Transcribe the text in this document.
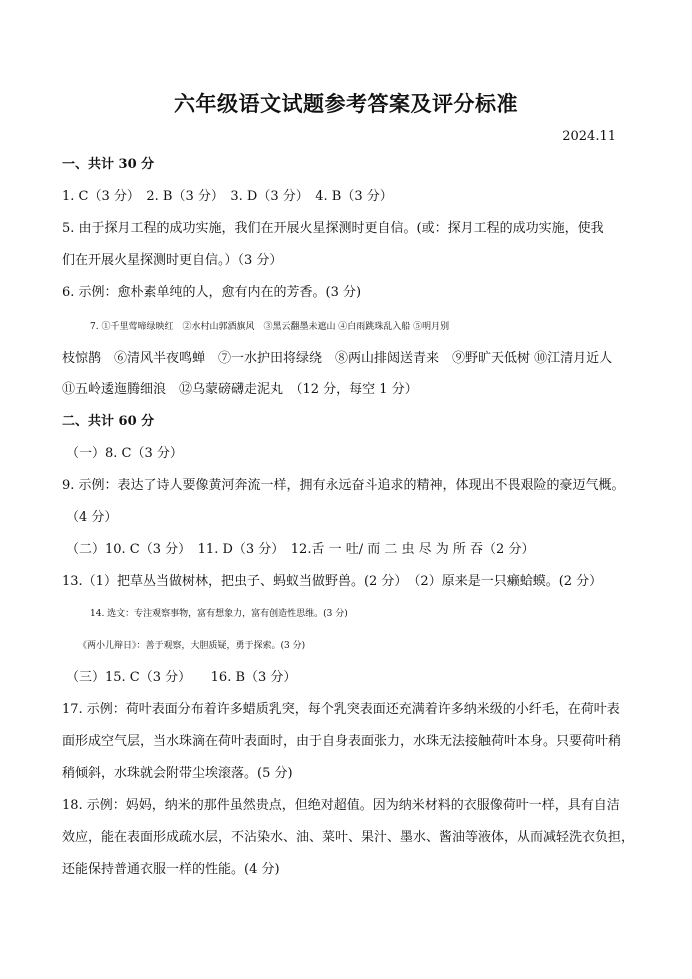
六年级语文试题参考答案及评分标准
2024.11
一、共计 30 分
1. C（3 分）　2. B（3 分）　3. D（3 分）　4. B（3 分）
5. 由于探月工程的成功实施，我们在开展火星探测时更自信。(或：探月工程的成功实施，使我
们在开展火星探测时更自信。）（3 分）
6. 示例：愈朴素单纯的人，愈有内在的芳香。(3 分)
7. ①千里莺啼绿映红　②水村山郭酒旗风　③黑云翻墨未遮山 ④白雨跳珠乱入船 ⑤明月别
枝惊鹊　⑥清风半夜鸣蝉　⑦一水护田将绿绕　⑧两山排闼送青来　⑨野旷天低树 ⑩江清月近人
⑪五岭逶迤腾细浪　⑫乌蒙磅礴走泥丸　（12 分，每空 1 分）
二、共计 60 分
（一）8. C（3 分）
9. 示例：表达了诗人要像黄河奔流一样，拥有永远奋斗追求的精神，体现出不畏艰险的豪迈气概。
（4 分）
（二）10. C（3 分）　11. D（3 分）　12.舌 一 吐/ 而 二 虫 尽 为 所 吞（2 分）
13.（1）把草丛当做树林，把虫子、蚂蚁当做野兽。(2 分）　（2）原来是一只癞蛤蟆。(2 分）
14. 选文：专注观察事物，富有想象力，富有创造性思维。(3 分)
《两小儿辩日》：善于观察，大胆质疑，勇于探索。(3 分)
（三）15. C（3 分）　　16. B（3 分）
17. 示例：荷叶表面分布着许多蜡质乳突，每个乳突表面还充满着许多纳米级的小纤毛，在荷叶表
面形成空气层，当水珠滴在荷叶表面时，由于自身表面张力，水珠无法接触荷叶本身。只要荷叶稍
稍倾斜，水珠就会附带尘埃滚落。(5 分)
18. 示例：妈妈，纳米的那件虽然贵点，但绝对超值。因为纳米材料的衣服像荷叶一样，具有自洁
效应，能在表面形成疏水层，不沾染水、油、菜叶、果汁、墨水、酱油等液体，从而减轻洗衣负担，
还能保持普通衣服一样的性能。(4 分)
